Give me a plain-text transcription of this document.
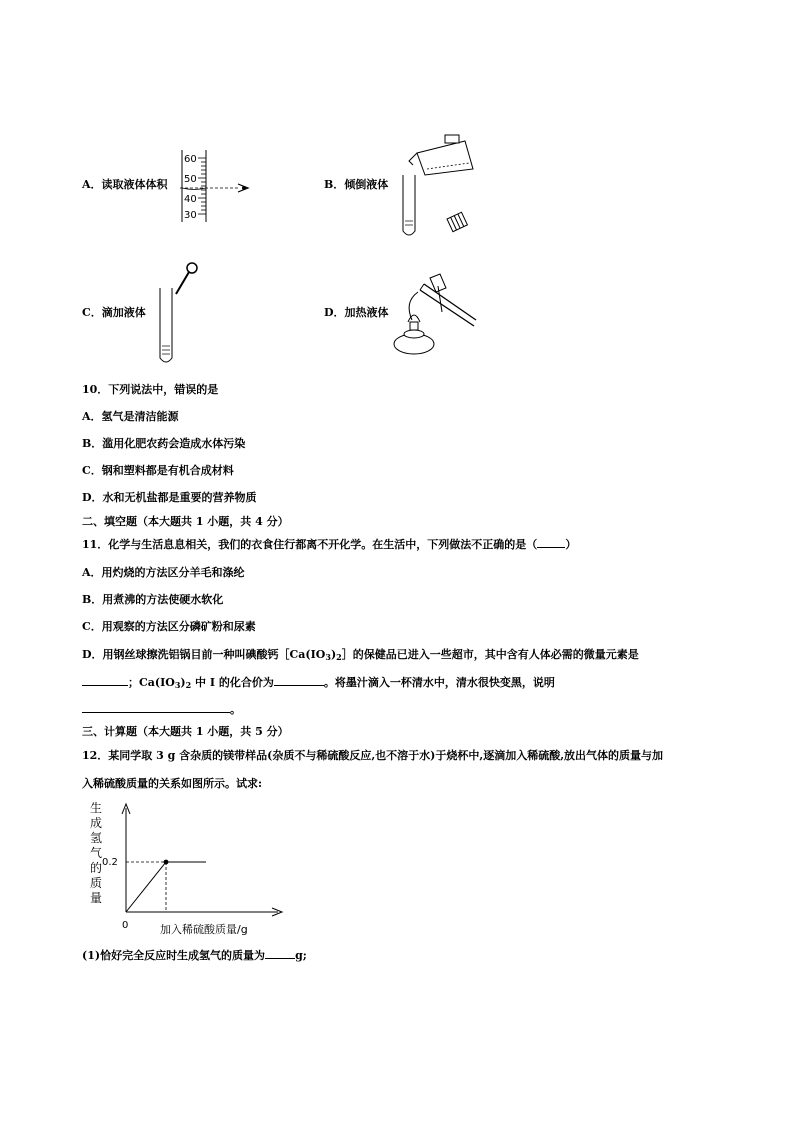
A．读取液体体积
60
50
40
30
B．倾倒液体
C．滴加液体	D．加热液体
10．下列说法中，错误的是
A．氢气是清洁能源
B．滥用化肥农药会造成水体污染
C．钢和塑料都是有机合成材料
D．水和无机盐都是重要的营养物质
二、填空题（本大题共 1 小题，共 4 分）
11．化学与生活息息相关，我们的衣食住行都离不开化学。在生活中，下列做法不正确的是（	）
A．用灼烧的方法区分羊毛和涤纶
B．用煮沸的方法使硬水软化
C．用观察的方法区分磷矿粉和尿素
D．用钢丝球擦洗铝锅目前一种叫碘酸钙$[Ca(IO_3)_2]$的保健品已进入一些超市，其中含有人体必需的微量元素是
；$Ca(IO_3)_2$ 中 I 的化合价为	。将墨汁滴入一杯清水中，清水很快变黑，说明
。
三、计算题（本大题共 1 小题，共 5 分）
12．某同学取 3 g 含杂质的镁带样品(杂质不与稀硫酸反应,也不溶于水)于烧杯中,逐滴加入稀硫酸,放出气体的质量与加
入稀硫酸质量的关系如图所示。试求:
生
成
氢
气
的
质
量
0
0.2
加入稀硫酸质量/g
(1)恰好完全反应时生成氢气的质量为	g;
